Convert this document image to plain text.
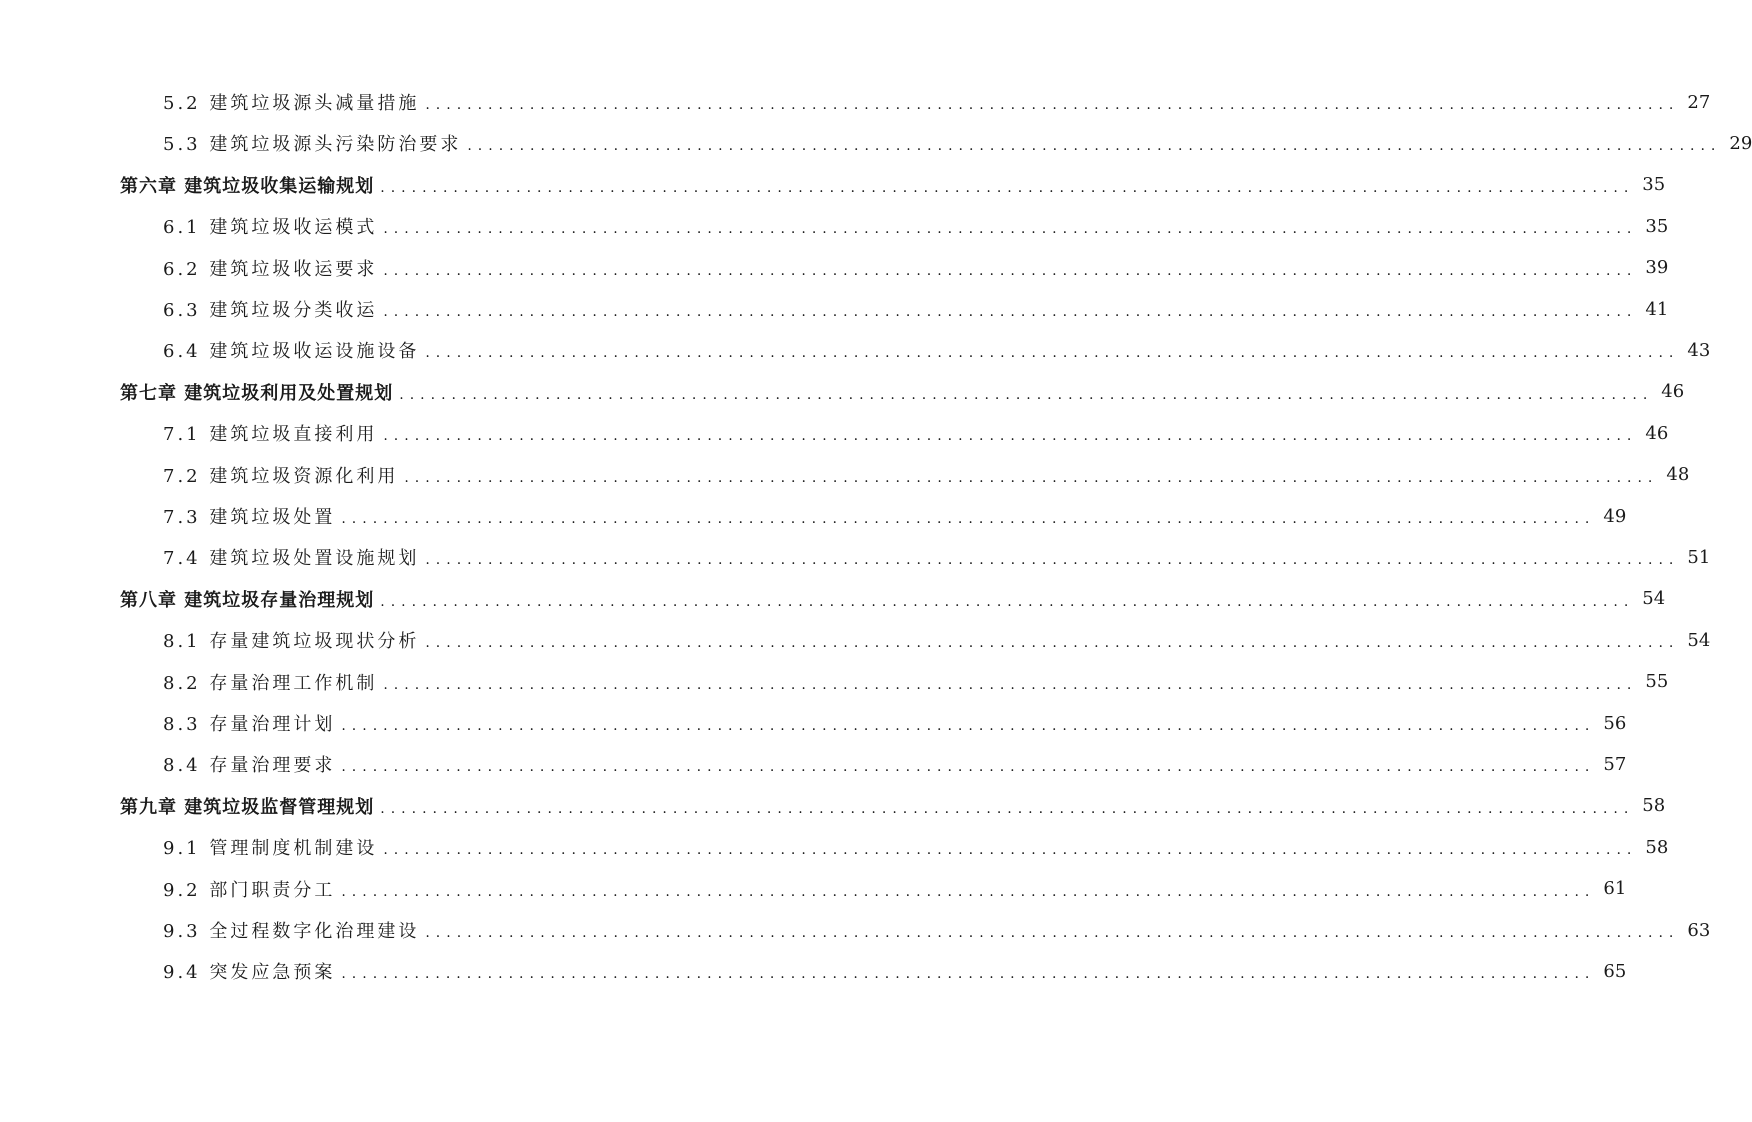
5.2 建筑垃圾源头减量措施 ........................................................................................................................ 27
5.3 建筑垃圾源头污染防治要求 ........................................................................................................................ 29
第六章 建筑垃圾收集运输规划 ........................................................................................................................ 35
6.1 建筑垃圾收运模式 ........................................................................................................................ 35
6.2 建筑垃圾收运要求 ........................................................................................................................ 39
6.3 建筑垃圾分类收运 ........................................................................................................................ 41
6.4 建筑垃圾收运设施设备 ........................................................................................................................ 43
第七章 建筑垃圾利用及处置规划 ........................................................................................................................ 46
7.1 建筑垃圾直接利用 ........................................................................................................................ 46
7.2 建筑垃圾资源化利用 ........................................................................................................................ 48
7.3 建筑垃圾处置 ........................................................................................................................ 49
7.4 建筑垃圾处置设施规划 ........................................................................................................................ 51
第八章 建筑垃圾存量治理规划 ........................................................................................................................ 54
8.1 存量建筑垃圾现状分析 ........................................................................................................................ 54
8.2 存量治理工作机制 ........................................................................................................................ 55
8.3 存量治理计划 ........................................................................................................................ 56
8.4 存量治理要求 ........................................................................................................................ 57
第九章 建筑垃圾监督管理规划 ........................................................................................................................ 58
9.1 管理制度机制建设 ........................................................................................................................ 58
9.2 部门职责分工 ........................................................................................................................ 61
9.3 全过程数字化治理建设 ........................................................................................................................ 63
9.4 突发应急预案 ........................................................................................................................ 65
